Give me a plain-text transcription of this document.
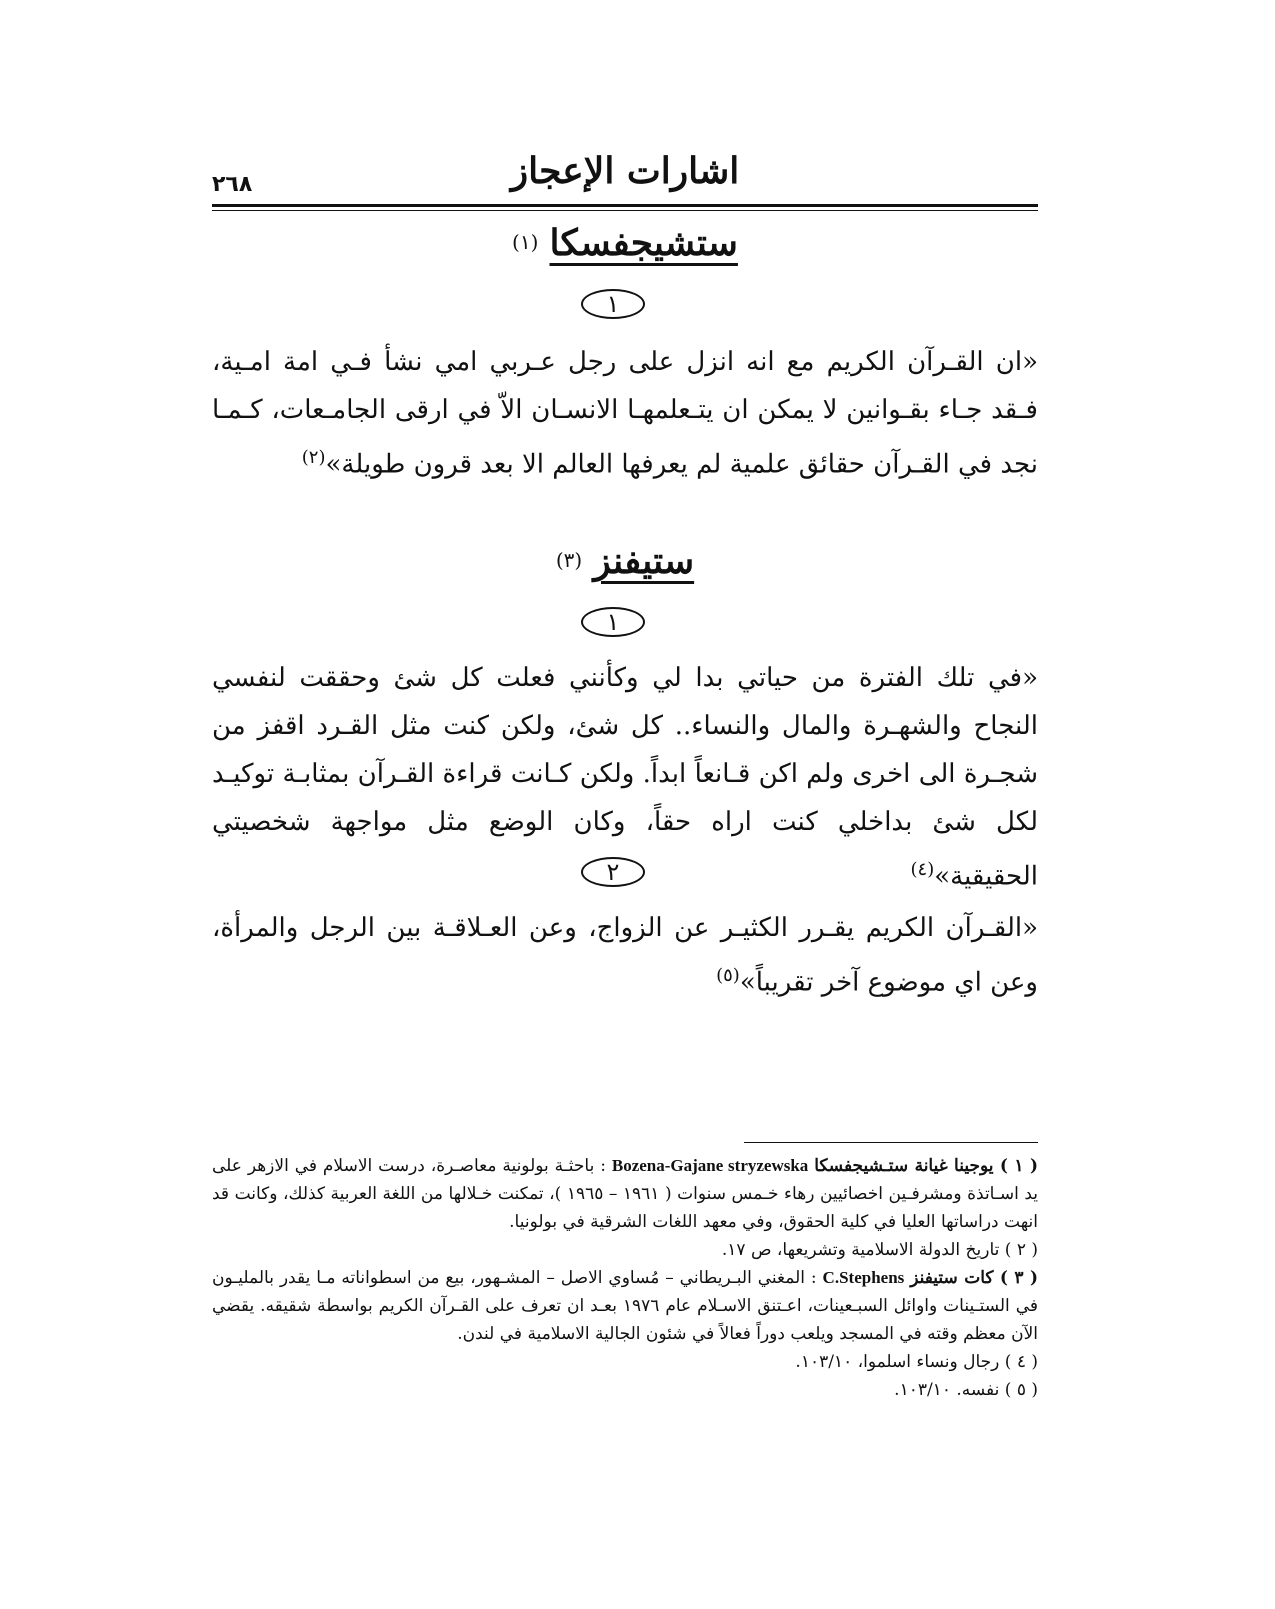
اشارات الإعجاز
٢٦٨
ستشيجفسكا (١)
١
«ان القـرآن الكريم مع انه انزل على رجل عـربي امي نشأ فـي امة امـية، فـقد جـاء بقـوانين لا يمكن ان يتـعلمهـا الانسـان الاّ في ارقى الجامـعات، كـمـا نجد في القـرآن حقائق علمية لم يعرفها العالم الا بعد قرون طويلة»$^{(٢)}$
ستيفنز (٣)
١
«في تلك الفترة من حياتي بدا لي وكأنني فعلت كل شئ وحققت لنفسي النجاح والشهـرة والمال والنساء.. كل شئ، ولكن كنت مثل القـرد اقفز من شجـرة الى اخرى ولم اكن قـانعاً ابداً. ولكن كـانت قراءة القـرآن بمثابـة توكيـد لكل شئ بداخلي كنت اراه حقاً، وكان الوضع مثل مواجهة شخصيتي الحقيقية»$^{(٤)}$
٢
«القـرآن الكريم يقـرر الكثيـر عن الزواج، وعن العـلاقـة بين الرجل والمرأة، وعن اي موضوع آخر تقريباً»$^{(٥)}$

( ١ ) يوجينا غيانة ستـشيجفسكا Bozena-Gajane stryzewska : باحثـة بولونية معاصـرة، درست الاسلام في الازهر على يد اسـاتذة ومشرفـين اخصائيين رهاء خـمس سنوات ( ١٩٦١ – ١٩٦٥ )، تمكنت خـلالها من اللغة العربية كذلك، وكانت قد انهت دراساتها العليا في كلية الحقوق، وفي معهد اللغات الشرقية في بولونيا.

( ٢ ) تاريخ الدولة الاسلامية وتشريعها، ص ١٧.

( ٣ ) كات ستيفنز C.Stephens : المغني البـريطاني – مُساوي الاصل – المشـهور، بيع من اسطواناته مـا يقدر بالمليـون في الستـينات واوائل السبـعينات، اعـتنق الاسـلام عام ١٩٧٦ بعـد ان تعرف على القـرآن الكريم بواسطة شقيقه. يقضي الآن معظم وقته في المسجد ويلعب دوراً فعالاً في شئون الجالية الاسلامية في لندن.

( ٤ ) رجال ونساء اسلموا، ١٠٣/١٠.

( ٥ ) نفسه. ١٠٣/١٠.
